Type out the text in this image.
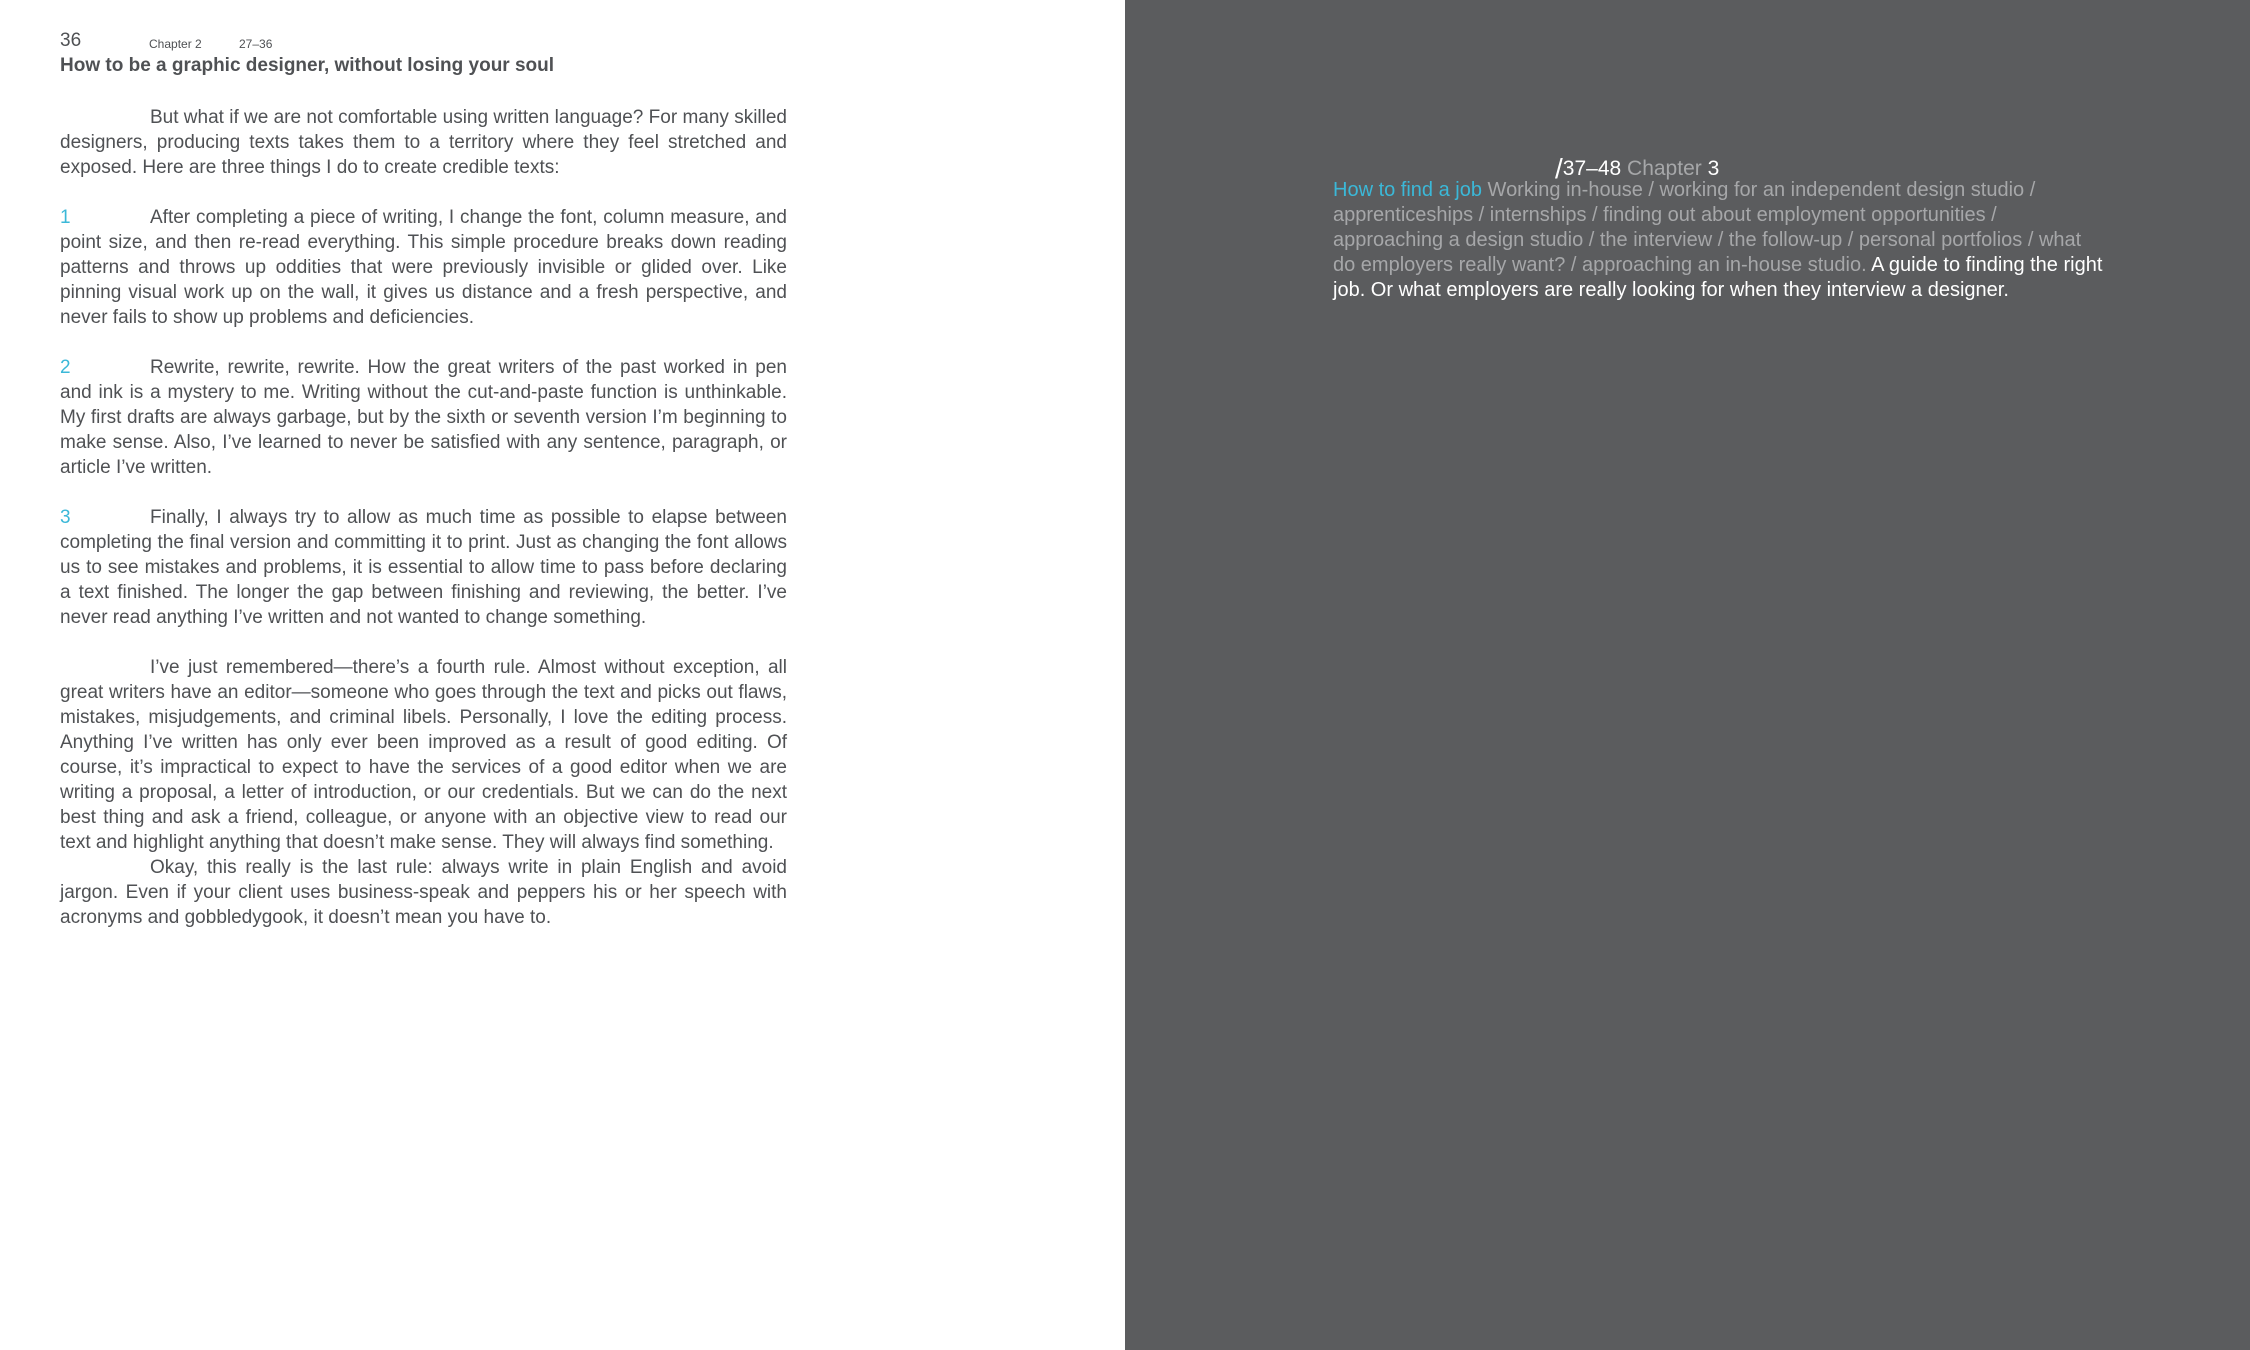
36	Chapter 2	27–36
How to be a graphic designer, without losing your soul

But what if we are not comfortable using written language? For many skilled designers, producing texts takes them to a territory where they feel stretched and exposed. Here are three things I do to create credible texts:

1	After completing a piece of writing, I change the font, column measure, and point size, and then re-read everything. This simple procedure breaks down reading patterns and throws up oddities that were previously invisible or glided over. Like pinning visual work up on the wall, it gives us distance and a fresh perspective, and never fails to show up problems and deficiencies.

2	Rewrite, rewrite, rewrite. How the great writers of the past worked in pen and ink is a mystery to me. Writing without the cut-and-paste function is unthinkable. My first drafts are always garbage, but by the sixth or seventh version I’m beginning to make sense. Also, I’ve learned to never be satisfied with any sentence, paragraph, or article I’ve written.

3	Finally, I always try to allow as much time as possible to elapse between completing the final version and committing it to print. Just as changing the font allows us to see mistakes and problems, it is essential to allow time to pass before declaring a text finished. The longer the gap between finishing and reviewing, the better. I’ve never read anything I’ve written and not wanted to change something.

I’ve just remembered—there’s a fourth rule. Almost without exception, all great writers have an editor—someone who goes through the text and picks out flaws, mistakes, misjudgements, and criminal libels. Personally, I love the editing process. Anything I’ve written has only ever been improved as a result of good editing. Of course, it’s impractical to expect to have the services of a good editor when we are writing a proposal, a letter of introduction, or our credentials. But we can do the next best thing and ask a friend, colleague, or anyone with an objective view to read our text and highlight anything that doesn’t make sense. They will always find something.

Okay, this really is the last rule: always write in plain English and avoid jargon. Even if your client uses business-speak and peppers his or her speech with acronyms and gobbledygook, it doesn’t mean you have to.

/37–48 Chapter 3

How to find a job Working in-house / working for an independent design studio / apprenticeships / internships / finding out about employment opportunities / approaching a design studio / the interview / the follow-up / personal portfolios / what do employers really want? / approaching an in-house studio. A guide to finding the right job. Or what employers are really looking for when they interview a designer.
